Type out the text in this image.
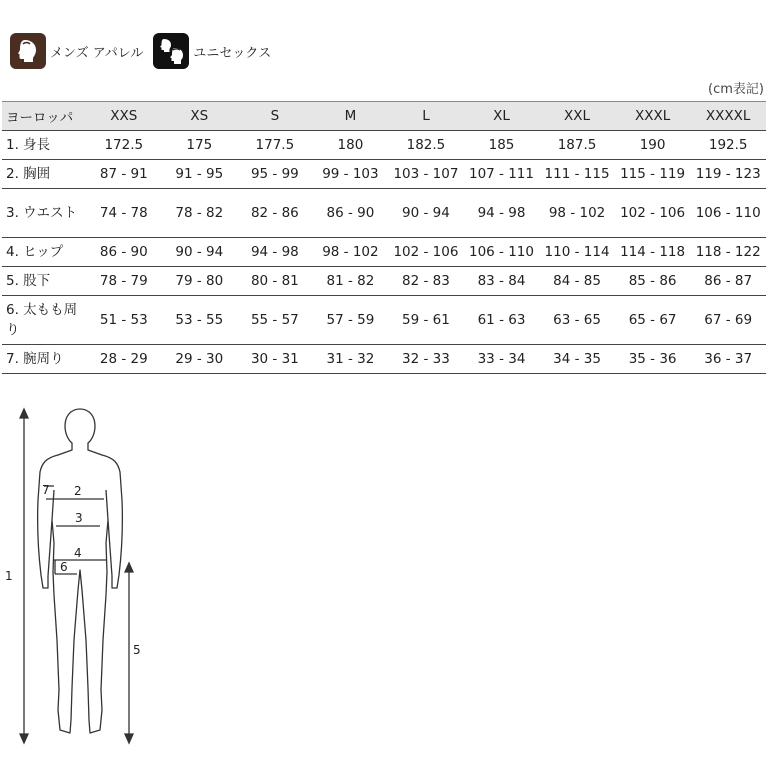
メンズ アパレル	ユニセックス
(cm表記)
ヨーロッパ	XXS	XS	S	M	L	XL	XXL	XXXL	XXXXL
1. 身長	172.5	175	177.5	180	182.5	185	187.5	190	192.5
2. 胸囲	87 - 91	91 - 95	95 - 99	99 - 103	103 - 107	107 - 111	111 - 115	115 - 119	119 - 123
3. ウエスト	74 - 78	78 - 82	82 - 86	86 - 90	90 - 94	94 - 98	98 - 102	102 - 106	106 - 110
4. ヒップ	86 - 90	90 - 94	94 - 98	98 - 102	102 - 106	106 - 110	110 - 114	114 - 118	118 - 122
5. 股下	78 - 79	79 - 80	80 - 81	81 - 82	82 - 83	83 - 84	84 - 85	85 - 86	86 - 87
6. 太もも周り	51 - 53	53 - 55	55 - 57	57 - 59	59 - 61	61 - 63	63 - 65	65 - 67	67 - 69
7. 腕周り	28 - 29	29 - 30	30 - 31	31 - 32	32 - 33	33 - 34	34 - 35	35 - 36	36 - 37
1
2
3
4
5
6
7
